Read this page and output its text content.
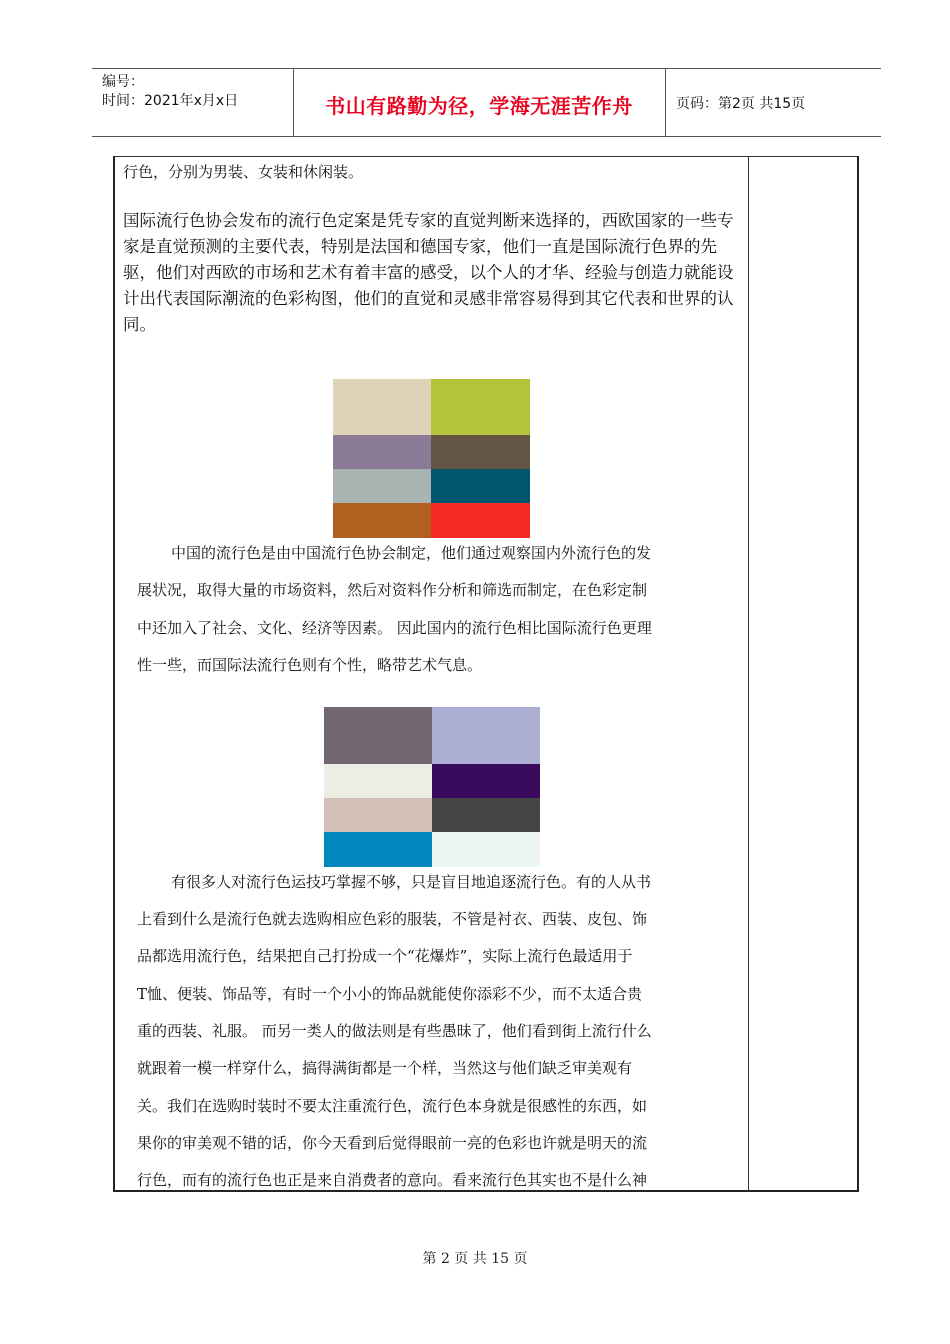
编号：
时间：2021年x月x日	书山有路勤为径，学海无涯苦作舟	页码：第2页 共15页

行色，分别为男装、女装和休闲装。

国际流行色协会发布的流行色定案是凭专家的直觉判断来选择的，西欧国家的一些专家是直觉预测的主要代表，特别是法国和德国专家，他们一直是国际流行色界的先驱，他们对西欧的市场和艺术有着丰富的感受，以个人的才华、经验与创造力就能设计出代表国际潮流的色彩构图，他们的直觉和灵感非常容易得到其它代表和世界的认同。

中国的流行色是由中国流行色协会制定，他们通过观察国内外流行色的发

展状况，取得大量的市场资料，然后对资料作分析和筛选而制定，在色彩定制

中还加入了社会、文化、经济等因素。 因此国内的流行色相比国际流行色更理

性一些，而国际法流行色则有个性，略带艺术气息。

有很多人对流行色运技巧掌握不够，只是盲目地追逐流行色。有的人从书

上看到什么是流行色就去选购相应色彩的服装，不管是衬衣、西装、皮包、饰

品都选用流行色，结果把自己打扮成一个“花爆炸”，实际上流行色最适用于

T恤、便装、饰品等，有时一个小小的饰品就能使你添彩不少，而不太适合贵

重的西装、礼服。 而另一类人的做法则是有些愚昧了，他们看到街上流行什么

就跟着一模一样穿什么，搞得满街都是一个样，当然这与他们缺乏审美观有

关。我们在选购时装时不要太注重流行色，流行色本身就是很感性的东西，如

果你的审美观不错的话，你今天看到后觉得眼前一亮的色彩也许就是明天的流

行色，而有的流行色也正是来自消费者的意向。看来流行色其实也不是什么神

第 2 页 共 15 页
